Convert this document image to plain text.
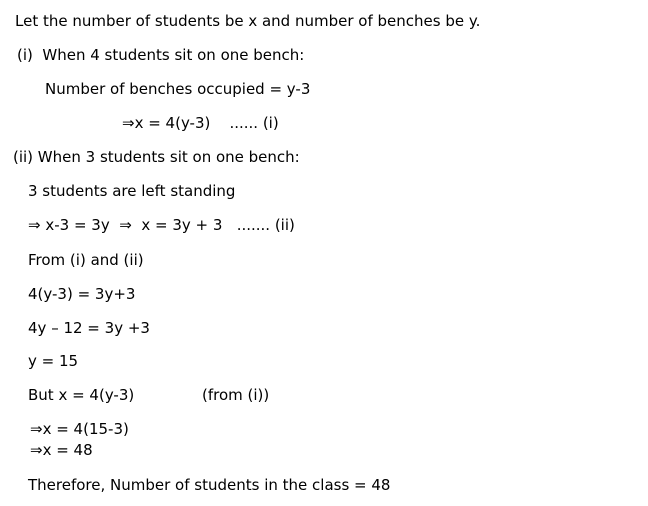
Let the number of students be x and number of benches be y.
(i)  When 4 students sit on one bench:
Number of benches occupied = y-3
⇒x = 4(y-3)    ...... (i)
(ii) When 3 students sit on one bench:
3 students are left standing
⇒ x-3 = 3y  ⇒  x = 3y + 3   ....... (ii)
From (i) and (ii)
4(y-3) = 3y+3
4y – 12 = 3y +3
y = 15
But x = 4(y-3)	(from (i))
⇒x = 4(15-3)
⇒x = 48
Therefore, Number of students in the class = 48
